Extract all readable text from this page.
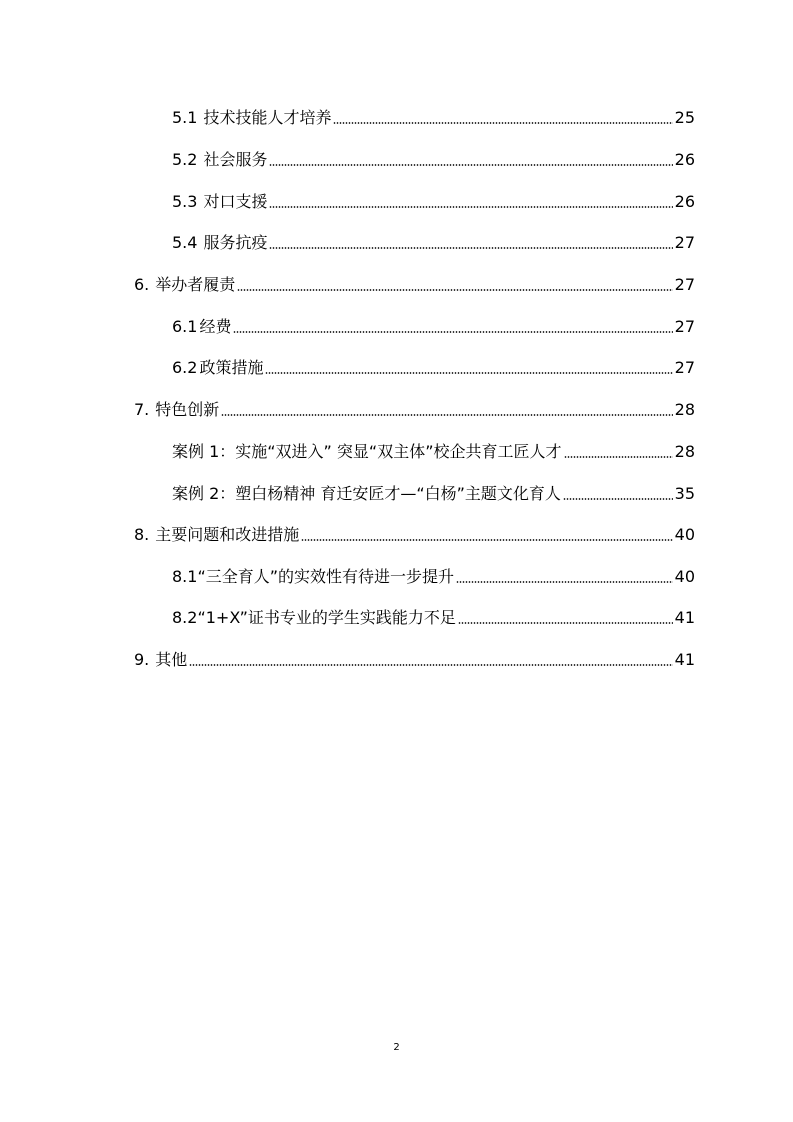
5.1 技术技能人才培养	25
5.2 社会服务	26
5.3 对口支援	26
5.4 服务抗疫	27
6. 举办者履责	27
6.1 经费	27
6.2 政策措施	27
7. 特色创新	28
案例 1：实施“双进入” 突显“双主体”校企共育工匠人才	28
案例 2：塑白杨精神 育迁安匠才—“白杨”主题文化育人	35
8. 主要问题和改进措施	40
8.1“三全育人”的实效性有待进一步提升	40
8.2“1+X”证书专业的学生实践能力不足	41
9. 其他	41
2
